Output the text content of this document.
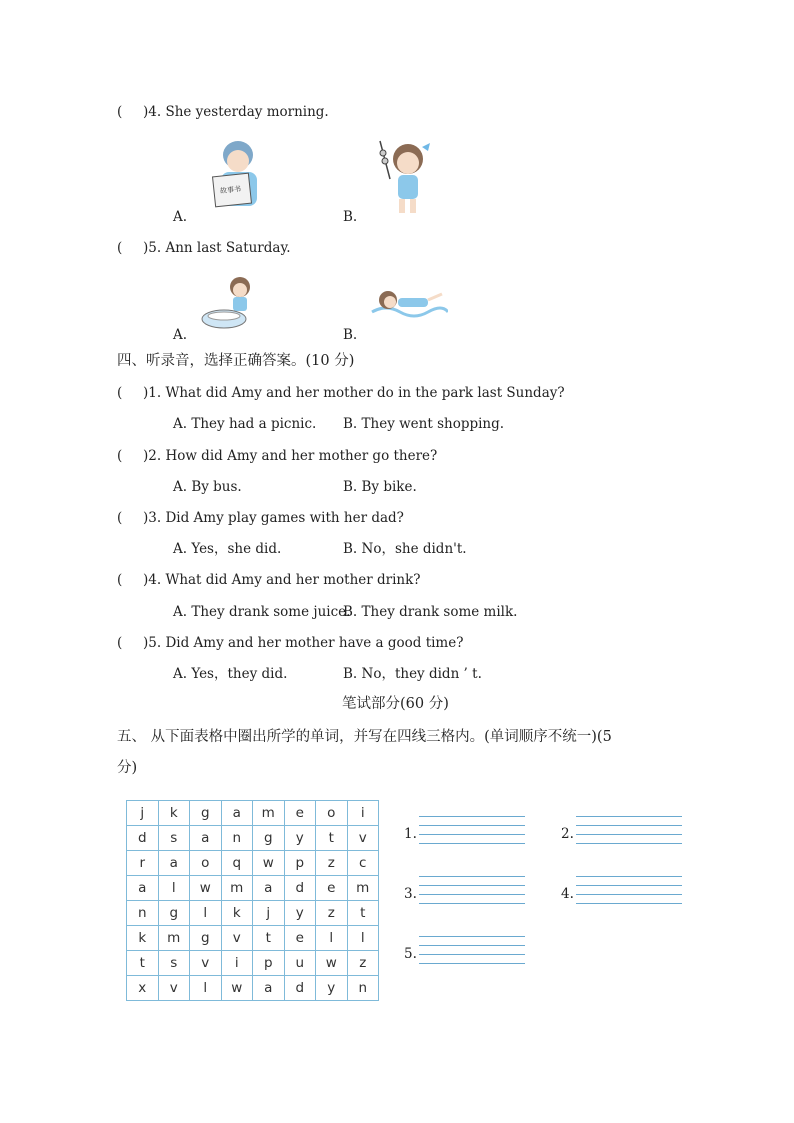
(	)4. She yesterday morning.
故事书
A.	B.
( )5. Ann last Saturday.
A.	B.
四、听录音，选择正确答案。(10 分)
( )1. What did Amy and her mother do in the park last Sunday?
A. They had a picnic. B. They went shopping.
( )2. How did Amy and her mother go there?
A. By bus.	B. By bike.
( )3. Did Amy play games with her dad?
A. Yes，she did.	B. No，she didn't.
( )4. What did Amy and her mother drink?
A. They drank some juice.
B. They drank some milk.
( )5. Did Amy and her mother have a good time?
A. Yes，they did.	B. No，they didn ’ t.
笔试部分(60 分)
五、 从下面表格中圈出所学的单词，并写在四线三格内。(单词顺序不统一)(5
分)
j	k	g	a	m	e	o	i
d	s	a	n	g	y	t	v
r	a	o	q	w	p	z	c
a	l	w	m	a	d	e	m
n	g	l	k	j	y	z	t
k	m	g	v	t	e	l	l
t	s	v	i	p	u	w	z
x	v	l	w	a	d	y	n
1.	2.
3.	4.
5.
